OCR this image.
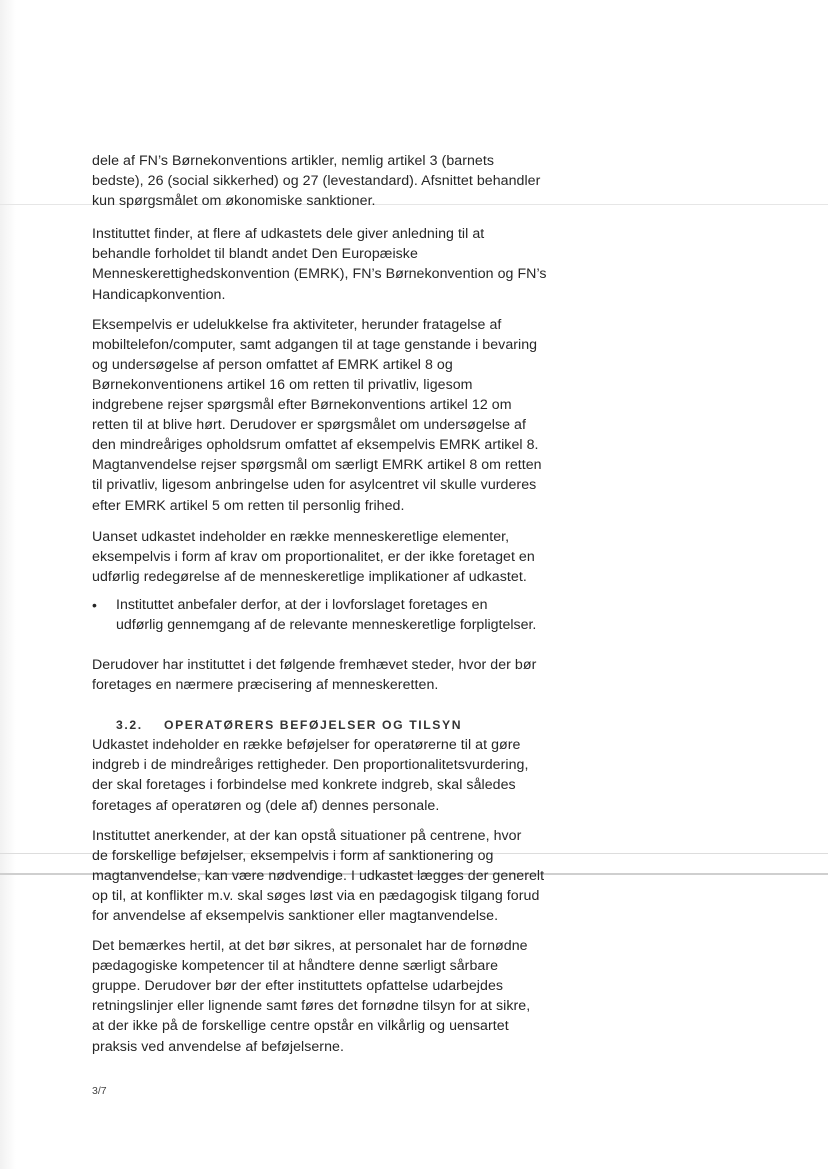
dele af FN’s Børnekonventions artikler, nemlig artikel 3 (barnets
bedste), 26 (social sikkerhed) og 27 (levestandard). Afsnittet behandler
kun spørgsmålet om økonomiske sanktioner.

Instituttet finder, at flere af udkastets dele giver anledning til at
behandle forholdet til blandt andet Den Europæiske
Menneskerettighedskonvention (EMRK), FN’s Børnekonvention og FN’s
Handicapkonvention.

Eksempelvis er udelukkelse fra aktiviteter, herunder fratagelse af
mobiltelefon/computer, samt adgangen til at tage genstande i bevaring
og undersøgelse af person omfattet af EMRK artikel 8 og
Børnekonventionens artikel 16 om retten til privatliv, ligesom
indgrebene rejser spørgsmål efter Børnekonventions artikel 12 om
retten til at blive hørt. Derudover er spørgsmålet om undersøgelse af
den mindreåriges opholdsrum omfattet af eksempelvis EMRK artikel 8.
Magtanvendelse rejser spørgsmål om særligt EMRK artikel 8 om retten
til privatliv, ligesom anbringelse uden for asylcentret vil skulle vurderes
efter EMRK artikel 5 om retten til personlig frihed.

Uanset udkastet indeholder en række menneskeretlige elementer,
eksempelvis i form af krav om proportionalitet, er der ikke foretaget en
udførlig redegørelse af de menneskeretlige implikationer af udkastet.

•	Instituttet anbefaler derfor, at der i lovforslaget foretages en
udførlig gennemgang af de relevante menneskeretlige forpligtelser.

Derudover har instituttet i det følgende fremhævet steder, hvor der bør
foretages en nærmere præcisering af menneskeretten.

3.2.	OPERATØRERS BEFØJELSER OG TILSYN

Udkastet indeholder en række beføjelser for operatørerne til at gøre
indgreb i de mindreåriges rettigheder. Den proportionalitetsvurdering,
der skal foretages i forbindelse med konkrete indgreb, skal således
foretages af operatøren og (dele af) dennes personale.

Instituttet anerkender, at der kan opstå situationer på centrene, hvor
de forskellige beføjelser, eksempelvis i form af sanktionering og
magtanvendelse, kan være nødvendige. I udkastet lægges der generelt
op til, at konflikter m.v. skal søges løst via en pædagogisk tilgang forud
for anvendelse af eksempelvis sanktioner eller magtanvendelse.

Det bemærkes hertil, at det bør sikres, at personalet har de fornødne
pædagogiske kompetencer til at håndtere denne særligt sårbare
gruppe. Derudover bør der efter instituttets opfattelse udarbejdes
retningslinjer eller lignende samt føres det fornødne tilsyn for at sikre,
at der ikke på de forskellige centre opstår en vilkårlig og uensartet
praksis ved anvendelse af beføjelserne.

3/7
